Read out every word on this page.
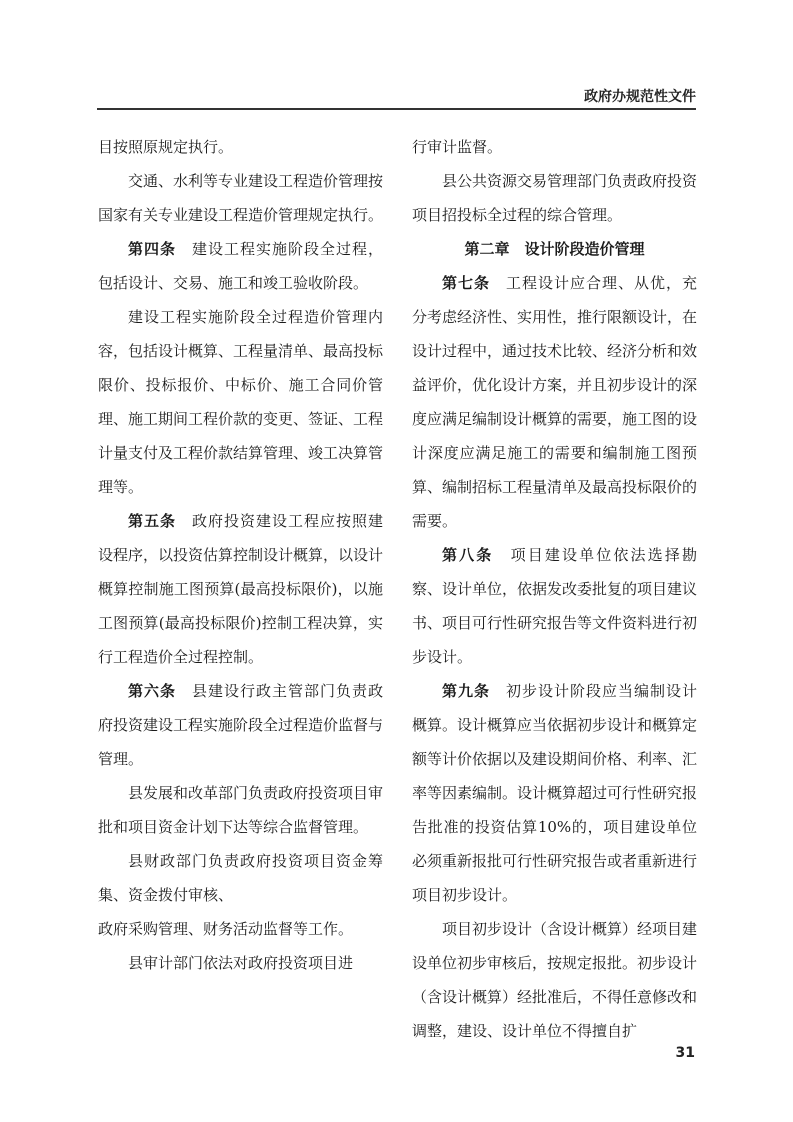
政府办规范性文件

目按照原规定执行。

交通、水利等专业建设工程造价管理按国家有关专业建设工程造价管理规定执行。

第四条　 建设工程实施阶段全过程，包括设计、交易、施工和竣工验收阶段。

建设工程实施阶段全过程造价管理内容，包括设计概算、工程量清单、最高投标限价、投标报价、中标价、施工合同价管理、施工期间工程价款的变更、签证、工程计量支付及工程价款结算管理、竣工决算管理等。

第五条　 政府投资建设工程应按照建设程序，以投资估算控制设计概算，以设计概算控制施工图预算(最高投标限价)，以施工图预算(最高投标限价)控制工程决算，实行工程造价全过程控制。

第六条　 县建设行政主管部门负责政府投资建设工程实施阶段全过程造价监督与管理。

县发展和改革部门负责政府投资项目审批和项目资金计划下达等综合监督管理。

县财政部门负责政府投资项目资金筹集、资金拨付审核、

政府采购管理、财务活动监督等工作。

县审计部门依法对政府投资项目进

行审计监督。

县公共资源交易管理部门负责政府投资项目招投标全过程的综合管理。

第二章　设计阶段造价管理

第七条　 工程设计应合理、从优，充分考虑经济性、实用性，推行限额设计，在设计过程中，通过技术比较、经济分析和效益评价，优化设计方案，并且初步设计的深度应满足编制设计概算的需要，施工图的设计深度应满足施工的需要和编制施工图预算、编制招标工程量清单及最高投标限价的需要。

第八条　 项目建设单位依法选择勘察、设计单位，依据发改委批复的项目建议书、项目可行性研究报告等文件资料进行初步设计。

第九条　 初步设计阶段应当编制设计概算。设计概算应当依据初步设计和概算定额等计价依据以及建设期间价格、利率、汇率等因素编制。设计概算超过可行性研究报告批准的投资估算10%的，项目建设单位必须重新报批可行性研究报告或者重新进行项目初步设计。

项目初步设计（含设计概算）经项目建设单位初步审核后，按规定报批。初步设计（含设计概算）经批准后，不得任意修改和调整，建设、设计单位不得擅自扩

31
